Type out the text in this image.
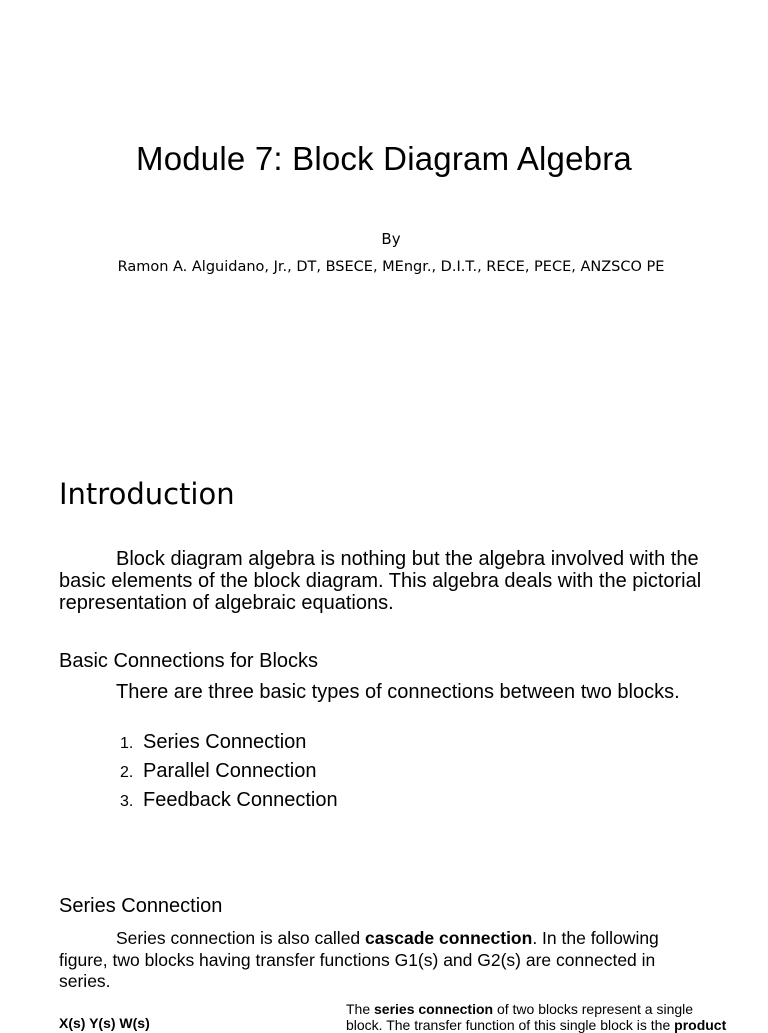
Module 7: Block Diagram Algebra
By
Ramon A. Alguidano, Jr., DT, BSECE, MEngr., D.I.T., RECE, PECE, ANZSCO PE
Introduction
Block diagram algebra is nothing but the algebra involved with the basic elements of the block diagram. This algebra deals with the pictorial representation of algebraic equations.
Basic Connections for Blocks
There are three basic types of connections between two blocks.
1. Series Connection
2. Parallel Connection
3. Feedback Connection
Series Connection
Series connection is also called cascade connection. In the following figure, two blocks having transfer functions G1(s) and G2(s) are connected in series.
The series connection of two blocks represent a single
block. The transfer function of this single block is the product
X(s) Y(s) W(s)
